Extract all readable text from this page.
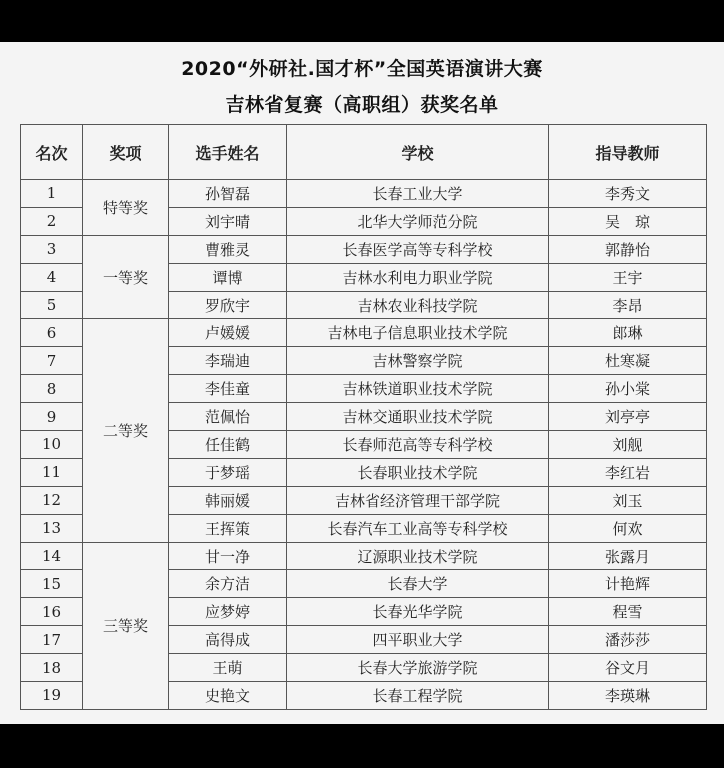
2020“外研社.国才杯”全国英语演讲大赛
吉林省复赛（高职组）获奖名单
名次	奖项	选手姓名	学校	指导教师
1	特等奖	孙智磊	长春工业大学	李秀文
2		刘宇晴	北华大学师范分院	吴　琼
3	一等奖	曹雅灵	长春医学高等专科学校	郭静怡
4		谭博	吉林水利电力职业学院	王宇
5		罗欣宇	吉林农业科技学院	李昂
6	二等奖	卢媛媛	吉林电子信息职业技术学院	郎琳
7		李瑞迪	吉林警察学院	杜寒凝
8		李佳童	吉林铁道职业技术学院	孙小棠
9		范佩怡	吉林交通职业技术学院	刘亭亭
10		任佳鹤	长春师范高等专科学校	刘舰
11		于梦瑶	长春职业技术学院	李红岩
12		韩丽媛	吉林省经济管理干部学院	刘玉
13		王挥策	长春汽车工业高等专科学校	何欢
14	三等奖	甘一净	辽源职业技术学院	张露月
15		余方洁	长春大学	计艳辉
16		应梦婷	长春光华学院	程雪
17		高得成	四平职业大学	潘莎莎
18		王萌	长春大学旅游学院	谷文月
19		史艳文	长春工程学院	李瑛琳
